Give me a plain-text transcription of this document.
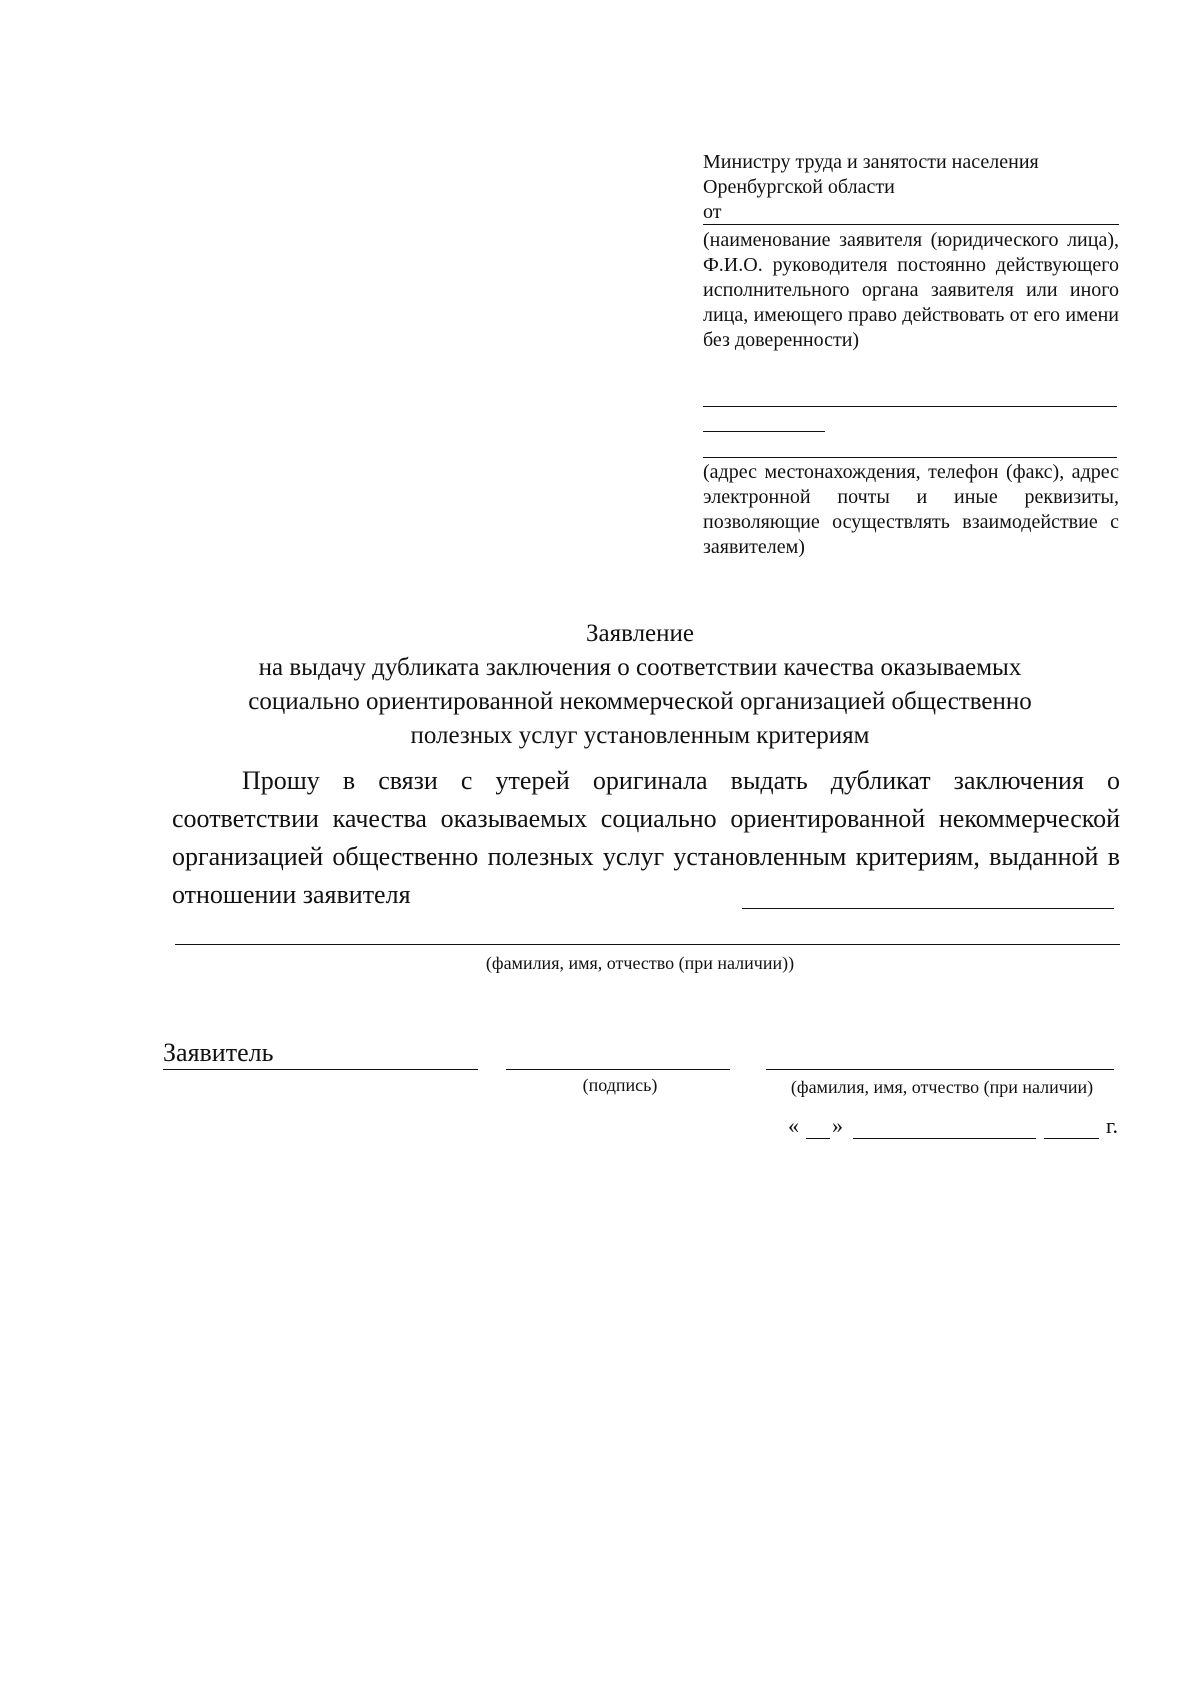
Министру труда и занятости населения
Оренбургской области
от
(наименование заявителя (юридического лица), Ф.И.О. руководителя постоянно действующего исполнительного органа заявителя или иного лица, имеющего право действовать от его имени без доверенности)
(адрес местонахождения, телефон (факс), адрес электронной почты и иные реквизиты, позволяющие осуществлять взаимодействие с заявителем)
Заявление
на выдачу дубликата заключения о соответствии качества оказываемых
социально ориентированной некоммерческой организацией общественно
полезных услуг установленным критериям
Прошу в связи с утерей оригинала выдать дубликат заключения о соответствии качества оказываемых социально ориентированной некоммерческой организацией общественно полезных услуг установленным критериям, выданной в отношении заявителя
(фамилия, имя, отчество (при наличии))
Заявитель
(подпись)	(фамилия, имя, отчество (при наличии)
« »	г.
